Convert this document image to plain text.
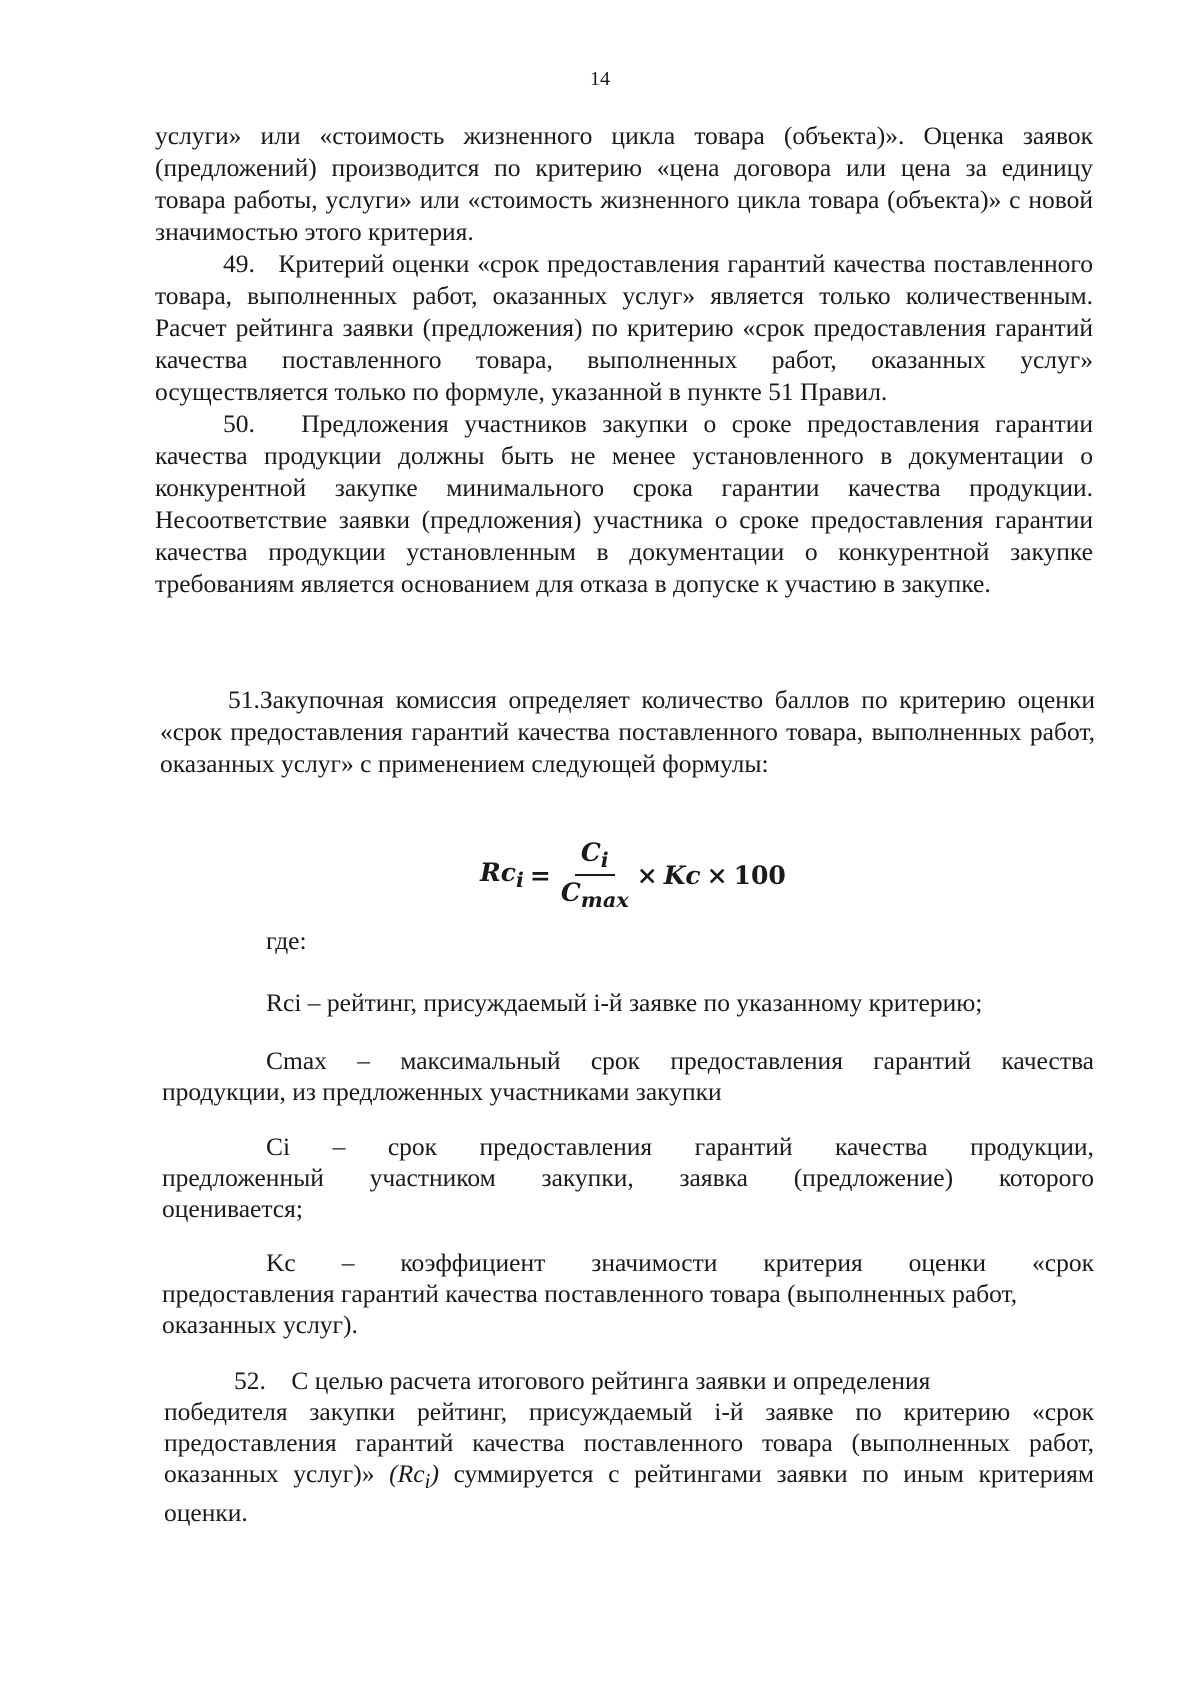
14

услуги» или «стоимость жизненного цикла товара (объекта)». Оценка заявок (предложений) производится по критерию «цена договора или цена за единицу товара работы, услуги» или «стоимость жизненного цикла товара (объекта)» с новой значимостью этого критерия.

49. Критерий оценки «срок предоставления гарантий качества поставленного товара, выполненных работ, оказанных услуг» является только количественным. Расчет рейтинга заявки (предложения) по критерию «срок предоставления гарантий качества поставленного товара, выполненных работ, оказанных услуг» осуществляется только по формуле, указанной в пункте 51 Правил.

50. Предложения участников закупки о сроке предоставления гарантии качества продукции должны быть не менее установленного в документации о конкурентной закупке минимального срока гарантии качества продукции. Несоответствие заявки (предложения) участника о сроке предоставления гарантии качества продукции установленным в документации о конкурентной закупке требованиям является основанием для отказа в допуске к участию в закупке.

51.Закупочная комиссия определяет количество баллов по критерию оценки «срок предоставления гарантий качества поставленного товара, выполненных работ, оказанных услуг» с применением следующей формулы:

$Rc_i = \frac{C_i}{C_{max}} \times Kc \times 100$
где:
Rci – рейтинг, присуждаемый i-й заявке по указанному критерию;

Cmax – максимальный срок предоставления гарантий качества

продукции, из предложенных участниками закупки

Ci – срок предоставления гарантий качества продукции,
предложенный участником закупки, заявка (предложение) которого

оценивается;

Kc – коэффициент значимости критерия оценки «срок

предоставления гарантий качества поставленного товара (выполненных работ,

оказанных услуг).

52. С целью расчета итогового рейтинга заявки и определения

победителя закупки рейтинг, присуждаемый i-й заявке по критерию «срок

предоставления гарантий качества поставленного товара (выполненных работ,

оказанных услуг)» $(Rc_i)$ суммируется с рейтингами заявки по иным критериям

оценки.
